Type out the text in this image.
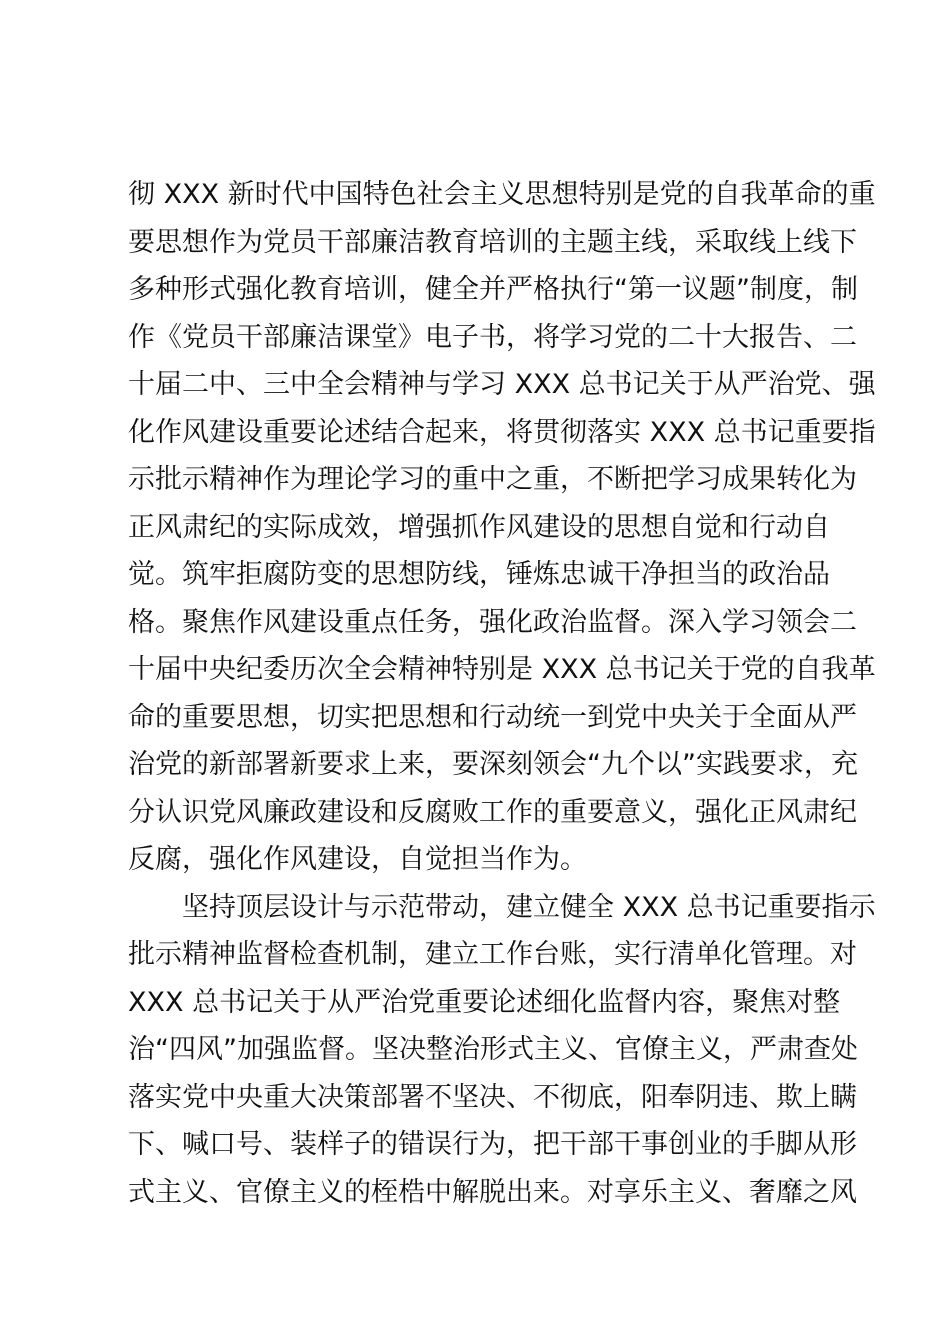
彻 XXX 新时代中国特色社会主义思想特别是党的自我革命的重
要思想作为党员干部廉洁教育培训的主题主线，采取线上线下
多种形式强化教育培训，健全并严格执行“第一议题”制度，制
作《党员干部廉洁课堂》电子书，将学习党的二十大报告、二
十届二中、三中全会精神与学习 XXX 总书记关于从严治党、强
化作风建设重要论述结合起来，将贯彻落实 XXX 总书记重要指
示批示精神作为理论学习的重中之重，不断把学习成果转化为
正风肃纪的实际成效，增强抓作风建设的思想自觉和行动自
觉。筑牢拒腐防变的思想防线，锤炼忠诚干净担当的政治品
格。聚焦作风建设重点任务，强化政治监督。深入学习领会二
十届中央纪委历次全会精神特别是 XXX 总书记关于党的自我革
命的重要思想，切实把思想和行动统一到党中央关于全面从严
治党的新部署新要求上来，要深刻领会“九个以”实践要求，充
分认识党风廉政建设和反腐败工作的重要意义，强化正风肃纪
反腐，强化作风建设，自觉担当作为。
坚持顶层设计与示范带动，建立健全 XXX 总书记重要指示
批示精神监督检查机制，建立工作台账，实行清单化管理。对
XXX 总书记关于从严治党重要论述细化监督内容，聚焦对整
治“四风”加强监督。坚决整治形式主义、官僚主义，严肃查处
落实党中央重大决策部署不坚决、不彻底，阳奉阴违、欺上瞒
下、喊口号、装样子的错误行为，把干部干事创业的手脚从形
式主义、官僚主义的桎梏中解脱出来。对享乐主义、奢靡之风
